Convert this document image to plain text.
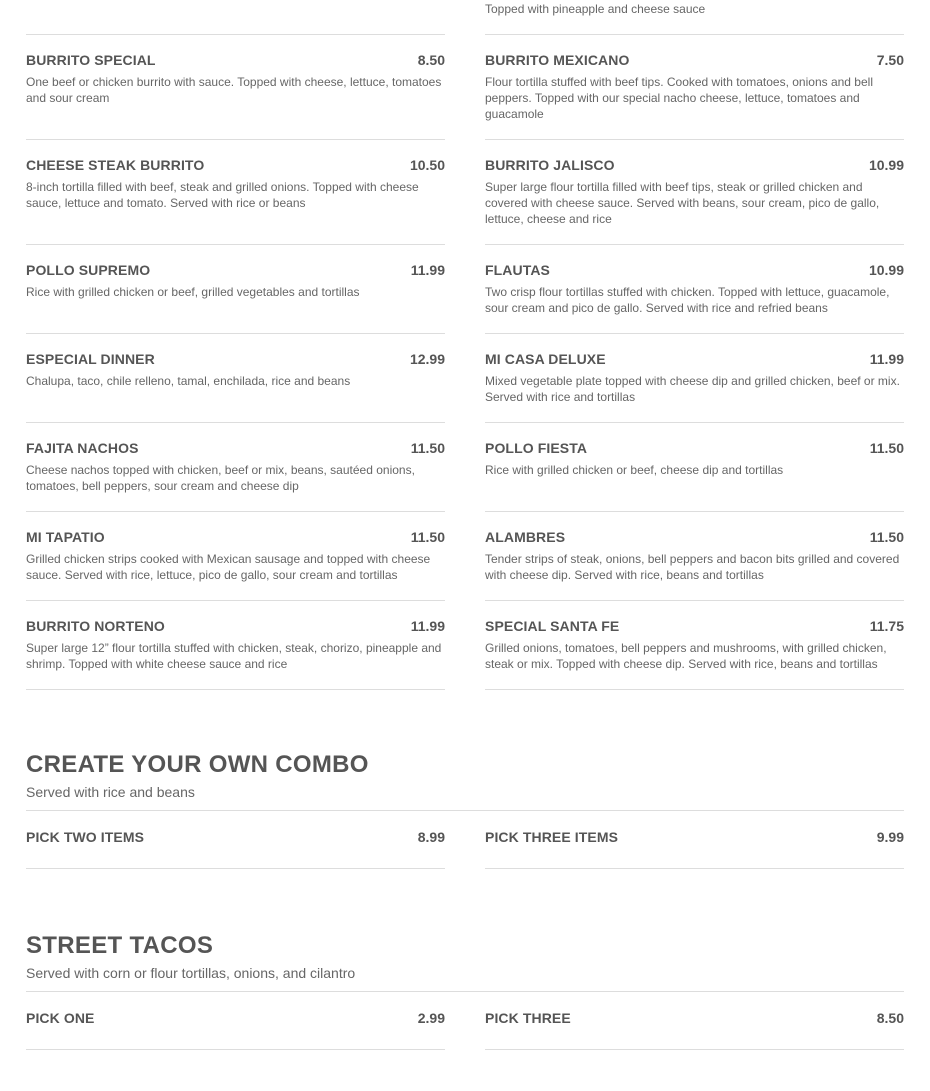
Topped with pineapple and cheese sauce
BURRITO SPECIAL	8.50
One beef or chicken burrito with sauce. Topped with cheese, lettuce, tomatoes and sour cream
BURRITO MEXICANO	7.50
Flour tortilla stuffed with beef tips. Cooked with tomatoes, onions and bell peppers. Topped with our special nacho cheese, lettuce, tomatoes and guacamole
CHEESE STEAK BURRITO	10.50
8-inch tortilla filled with beef, steak and grilled onions. Topped with cheese sauce, lettuce and tomato. Served with rice or beans
BURRITO JALISCO	10.99
Super large flour tortilla filled with beef tips, steak or grilled chicken and covered with cheese sauce. Served with beans, sour cream, pico de gallo, lettuce, cheese and rice
POLLO SUPREMO	11.99
Rice with grilled chicken or beef, grilled vegetables and tortillas
FLAUTAS	10.99
Two crisp flour tortillas stuffed with chicken. Topped with lettuce, guacamole, sour cream and pico de gallo. Served with rice and refried beans
ESPECIAL DINNER	12.99
Chalupa, taco, chile relleno, tamal, enchilada, rice and beans
MI CASA DELUXE	11.99
Mixed vegetable plate topped with cheese dip and grilled chicken, beef or mix. Served with rice and tortillas
FAJITA NACHOS	11.50
Cheese nachos topped with chicken, beef or mix, beans, sautéed onions, tomatoes, bell peppers, sour cream and cheese dip
POLLO FIESTA	11.50
Rice with grilled chicken or beef, cheese dip and tortillas
MI TAPATIO	11.50
Grilled chicken strips cooked with Mexican sausage and topped with cheese sauce. Served with rice, lettuce, pico de gallo, sour cream and tortillas
ALAMBRES	11.50
Tender strips of steak, onions, bell peppers and bacon bits grilled and covered with cheese dip. Served with rice, beans and tortillas
BURRITO NORTENO	11.99
Super large 12” flour tortilla stuffed with chicken, steak, chorizo, pineapple and shrimp. Topped with white cheese sauce and rice
SPECIAL SANTA FE	11.75
Grilled onions, tomatoes, bell peppers and mushrooms, with grilled chicken, steak or mix. Topped with cheese dip. Served with rice, beans and tortillas
CREATE YOUR OWN COMBO
Served with rice and beans
PICK TWO ITEMS	8.99	PICK THREE ITEMS	9.99
STREET TACOS
Served with corn or flour tortillas, onions, and cilantro
PICK ONE	2.99	PICK THREE	8.50
